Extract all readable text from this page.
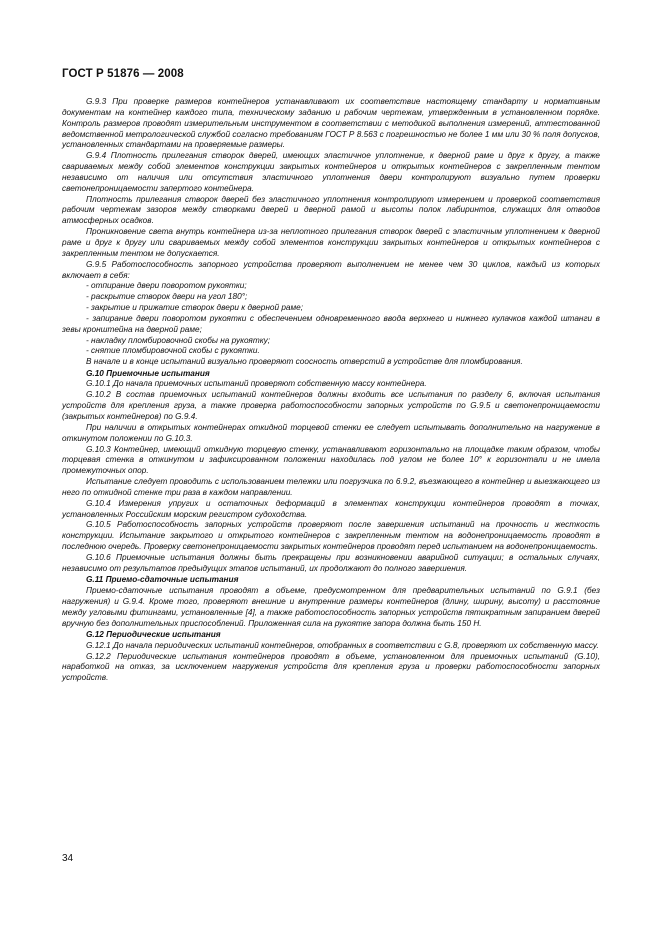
ГОСТ Р 51876 — 2008

G.9.3 При проверке размеров контейнеров устанавливают их соответствие настоящему стандарту и нормативным документам на контейнер каждого типа, техническому заданию и рабочим чертежам, утвержденным в установленном порядке. Контроль размеров проводят измерительным инструментом в соответствии с методикой выполнения измерений, аттестованной ведомственной метрологической службой согласно требованиям ГОСТ Р 8.563 с погрешностью не более 1 мм или 30 % поля допусков, установленных стандартами на проверяемые размеры.

G.9.4 Плотность прилегания створок дверей, имеющих эластичное уплотнение, к дверной раме и друг к другу, а также свариваемых между собой элементов конструкции закрытых контейнеров и открытых контейнеров с закрепленным тентом независимо от наличия или отсутствия эластичного уплотнения двери контролируют визуально путем проверки светонепроницаемости запертого контейнера.

Плотность прилегания створок дверей без эластичного уплотнения контролируют измерением и проверкой соответствия рабочим чертежам зазоров между створками дверей и дверной рамой и высоты полок лабиринтов, служащих для отводов атмосферных осадков.

Проникновение света внутрь контейнера из-за неплотного прилегания створок дверей с эластичным уплотнением к дверной раме и друг к другу или свариваемых между собой элементов конструкции закрытых контейнеров и открытых контейнеров с закрепленным тентом не допускается.

G.9.5 Работоспособность запорного устройства проверяют выполнением не менее чем 30 циклов, каждый из которых включает в себя:

- отпирание двери поворотом рукоятки;

- раскрытие створок двери на угол 180°;

- закрытие и прижатие створок двери к дверной раме;

- запирание двери поворотом рукоятки с обеспечением одновременного ввода верхнего и нижнего кулачков каждой штанги в зевы кронштейна на дверной раме;

- накладку пломбировочной скобы на рукоятку;

- снятие пломбировочной скобы с рукоятки.

В начале и в конце испытаний визуально проверяют соосность отверстий в устройстве для пломбирования.

G.10 Приемочные испытания

G.10.1 До начала приемочных испытаний проверяют собственную массу контейнера.

G.10.2 В состав приемочных испытаний контейнеров должны входить все испытания по разделу 6, включая испытания устройств для крепления груза, а также проверка работоспособности запорных устройств по G.9.5 и светонепроницаемости (закрытых контейнеров) по G.9.4.

При наличии в открытых контейнерах откидной торцевой стенки ее следует испытывать дополнительно на нагружение в откинутом положении по G.10.3.

G.10.3 Контейнер, имеющий откидную торцевую стенку, устанавливают горизонтально на площадке таким образом, чтобы торцевая стенка в откинутом и зафиксированном положении находилась под углом не более 10° к горизонтали и не имела промежуточных опор.

Испытание следует проводить с использованием тележки или погрузчика по 6.9.2, въезжающего в контейнер и выезжающего из него по откидной стенке три раза в каждом направлении.

G.10.4 Измерения упругих и остаточных деформаций в элементах конструкции контейнеров проводят в точках, установленных Российским морским регистром судоходства.

G.10.5 Работоспособность запорных устройств проверяют после завершения испытаний на прочность и жесткость конструкции. Испытание закрытого и открытого контейнеров с закрепленным тентом на водонепроницаемость проводят в последнюю очередь. Проверку светонепроницаемости закрытых контейнеров проводят перед испытанием на водонепроницаемость.

G.10.6 Приемочные испытания должны быть прекращены при возникновении аварийной ситуации; в остальных случаях, независимо от результатов предыдущих этапов испытаний, их продолжают до полного завершения.

G.11 Приемо-сдаточные испытания

Приемо-сдаточные испытания проводят в объеме, предусмотренном для предварительных испытаний по G.9.1 (без нагружения) и G.9.4. Кроме того, проверяют внешние и внутренние размеры контейнеров (длину, ширину, высоту) и расстояние между угловыми фитингами, установленные [4], а также работоспособность запорных устройств пятикратным запиранием дверей вручную без дополнительных приспособлений. Приложенная сила на рукоятке запора должна быть 150 Н.

G.12 Периодические испытания

G.12.1 До начала периодических испытаний контейнеров, отобранных в соответствии с G.8, проверяют их собственную массу.

G.12.2 Периодические испытания контейнеров проводят в объеме, установленном для приемочных испытаний (G.10), наработкой на отказ, за исключением нагружения устройств для крепления груза и проверки работоспособности запорных устройств.

34
